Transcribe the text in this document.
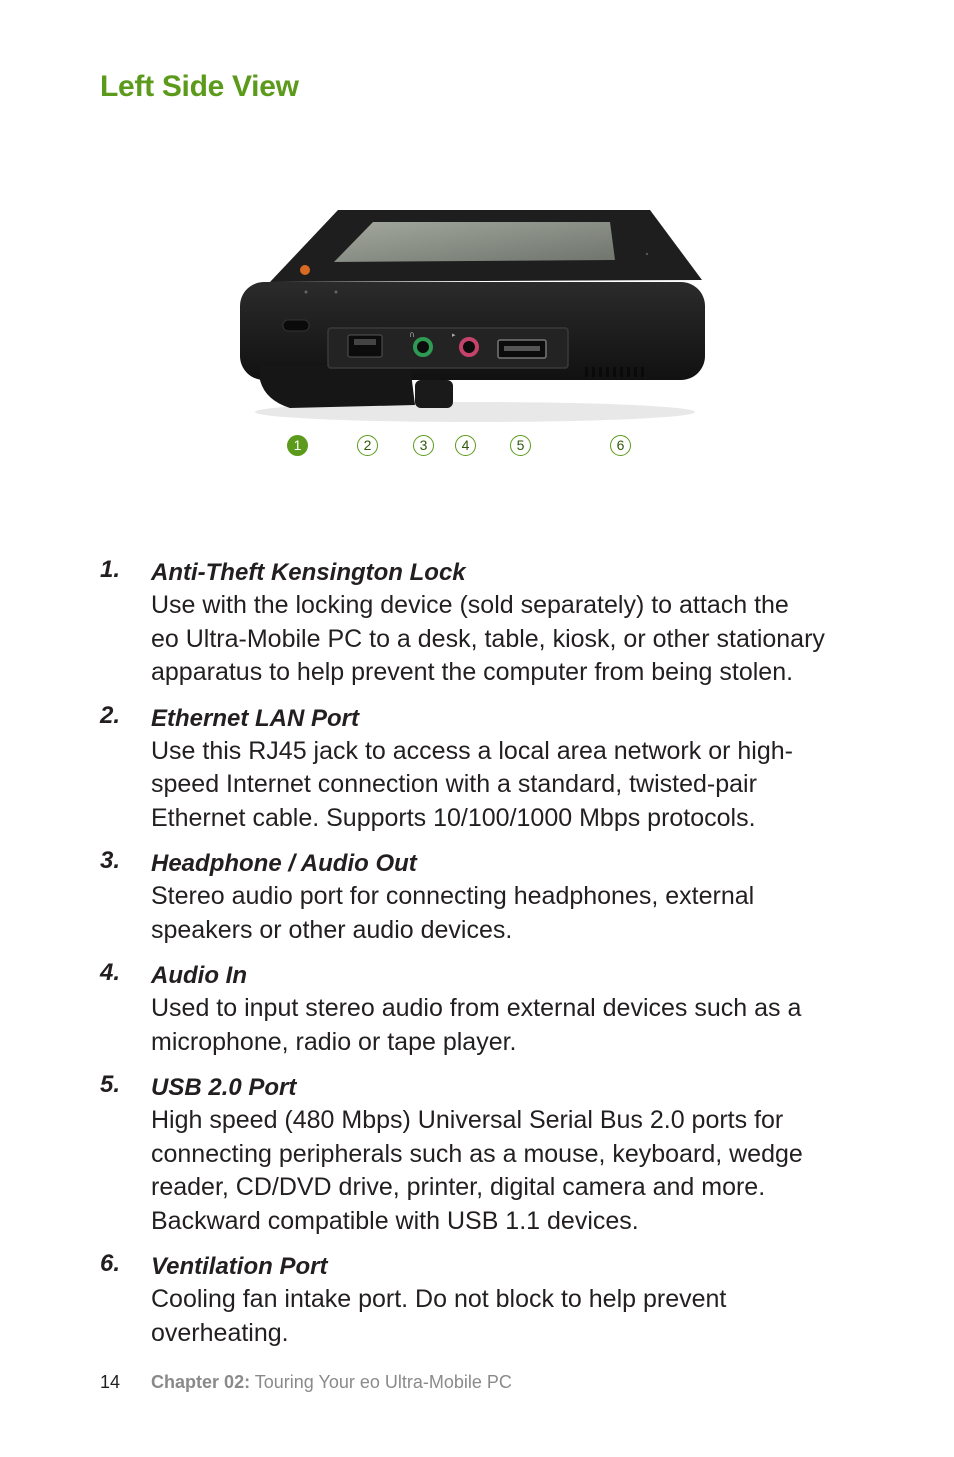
Left Side View
∩	▸
1	2	3	4	5	6
1. Anti-Theft Kensington Lock
Use with the locking device (sold separately) to attach the
eo Ultra-Mobile PC to a desk, table, kiosk, or other stationary
apparatus to help prevent the computer from being stolen.
2. Ethernet LAN Port
Use this RJ45 jack to access a local area network or high-
speed Internet connection with a standard, twisted-pair
Ethernet cable. Supports 10/100/1000 Mbps protocols.
3. Headphone / Audio Out
Stereo audio port for connecting headphones, external
speakers or other audio devices.
4. Audio In
Used to input stereo audio from external devices such as a
microphone, radio or tape player.
5. USB 2.0 Port
High speed (480 Mbps) Universal Serial Bus 2.0 ports for
connecting peripherals such as a mouse, keyboard, wedge
reader, CD/DVD drive, printer, digital camera and more.
Backward compatible with USB 1.1 devices.
6. Ventilation Port
Cooling fan intake port. Do not block to help prevent
overheating.
14 Chapter 02: Touring Your eo Ultra-Mobile PC
